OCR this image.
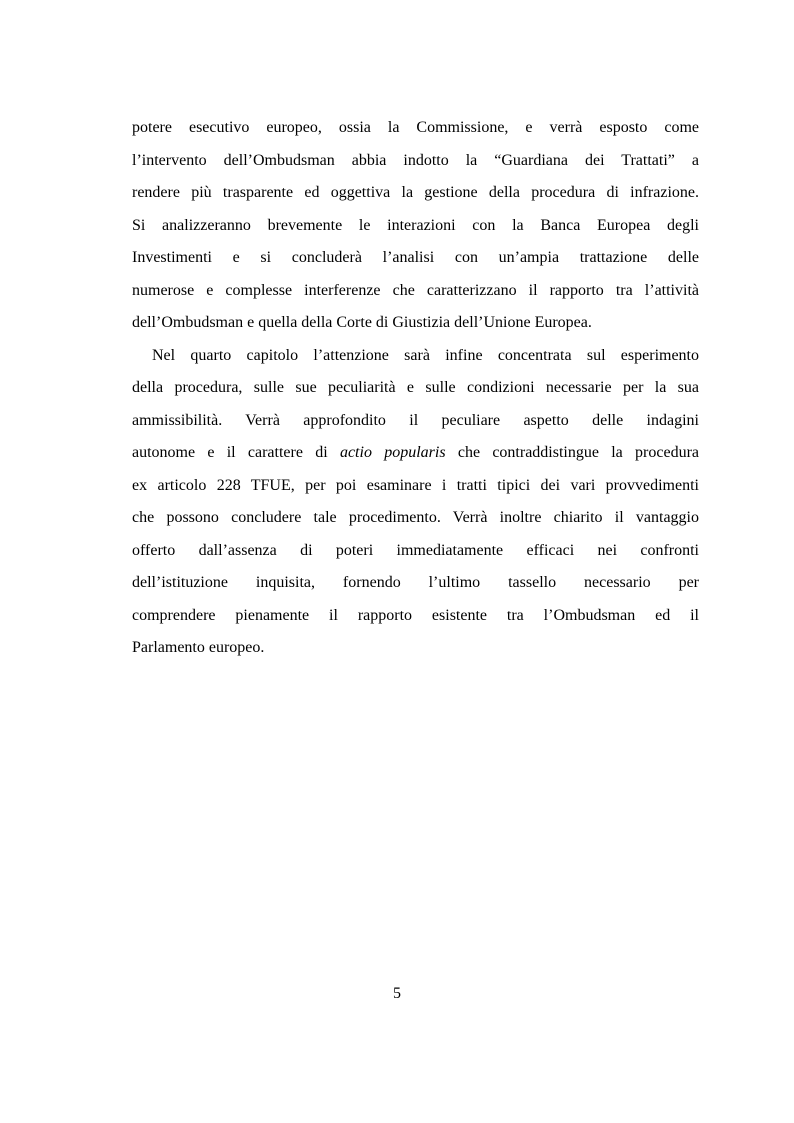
potere esecutivo europeo, ossia la Commissione, e verrà esposto come
l’intervento dell’Ombudsman abbia indotto la “Guardiana dei Trattati” a
rendere più trasparente ed oggettiva la gestione della procedura di infrazione.
Si analizzeranno brevemente le interazioni con la Banca Europea degli
Investimenti e si concluderà l’analisi con un’ampia trattazione delle
numerose e complesse interferenze che caratterizzano il rapporto tra l’attività
dell’Ombudsman e quella della Corte di Giustizia dell’Unione Europea.
Nel quarto capitolo l’attenzione sarà infine concentrata sul esperimento
della procedura, sulle sue peculiarità e sulle condizioni necessarie per la sua
ammissibilità. Verrà approfondito il peculiare aspetto delle indagini
autonome e il carattere di actio popularis che contraddistingue la procedura
ex articolo 228 TFUE, per poi esaminare i tratti tipici dei vari provvedimenti
che possono concludere tale procedimento. Verrà inoltre chiarito il vantaggio
offerto dall’assenza di poteri immediatamente efficaci nei confronti
dell’istituzione inquisita, fornendo l’ultimo tassello necessario per
comprendere pienamente il rapporto esistente tra l’Ombudsman ed il
Parlamento europeo.
5
